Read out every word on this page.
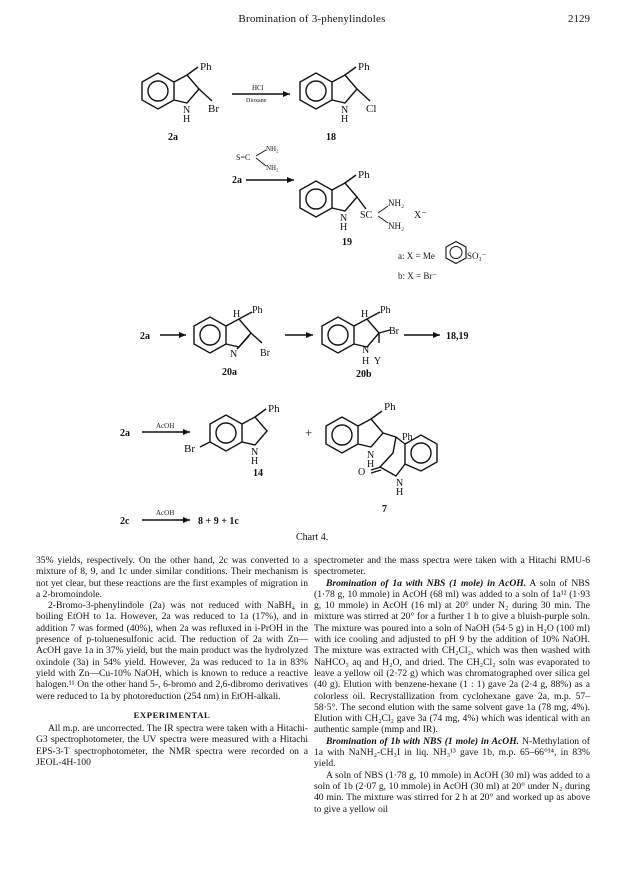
Bromination of 3-phenylindoles	2129
Ph
Br
N
H
2a
HCl
Dioxane
Ph
Cl
N
H
18
2a
S=C
NH₂
NH₂
Ph
N
H
SC
NH₂
NH₂
X⁻
19
a: X = Me	SO₃⁻
b: X = Br⁻
2a
H Ph
Br
N
20a
H Ph
Br
N
H  Y
20b
18,19
2a
AcOH
Ph
Br	N
H
14
+
Ph
Ph
N
H
O
N
H
7
2c
AcOH
8 + 9 + 1c
Chart 4.

35% yields, respectively. On the other hand, 2c was converted to a mixture of 8, 9, and 1c under similar conditions. Their mechanism is not yet clear, but these reactions are the first examples of migration in a 2-bromoindole.

2-Bromo-3-phenylindole (2a) was not reduced with NaBH₄ in boiling EtOH to 1a. However, 2a was reduced to 1a (17%), and in addition 7 was formed (40%), when 2a was refluxed in i-PrOH in the presence of p-toluenesulfonic acid. The reduction of 2a with Zn—AcOH gave 1a in 37% yield, but the main product was the hydrolyzed oxindole (3a) in 54% yield. However, 2a was reduced to 1a in 83% yield with Zn—Cu-10% NaOH, which is known to reduce a reactive halogen.¹¹ On the other hand 5-, 6-bromo and 2,6-dibromo derivatives were reduced to 1a by photoreduction (254 nm) in EtOH-alkali.

EXPERIMENTAL

All m.p. are uncorrected. The IR spectra were taken with a Hitachi-G3 spectrophotometer, the UV spectra were measured with a Hitachi EPS-3-T spectrophotometer, the NMR spectra were recorded on a JEOL-4H-100

spectrometer and the mass spectra were taken with a Hitachi RMU-6 spectrometer.

Bromination of 1a with NBS (1 mole) in AcOH. A soln of NBS (1·78 g, 10 mmole) in AcOH (68 ml) was added to a soln of 1a¹² (1·93 g, 10 mmole) in AcOH (16 ml) at 20° under N₂ during 30 min. The mixture was stirred at 20° for a further 1 h to give a bluish-purple soln. The mixture was poured into a soln of NaOH (54·5 g) in H₂O (100 ml) with ice cooling and adjusted to pH 9 by the addition of 10% NaOH. The mixture was extracted with CH₂Cl₂, which was then washed with NaHCO₃ aq and H₂O, and dried. The CH₂Cl₂ soln was evaporated to leave a yellow oil (2·72 g) which was chromatographed over silica gel (40 g). Elution with benzene-hexane (1 : 1) gave 2a (2·4 g, 88%) as a colorless oil. Recrystallization from cyclohexane gave 2a, m.p. 57–58·5°. The second elution with the same solvent gave 1a (78 mg, 4%). Elution with CH₂Cl₂ gave 3a (74 mg, 4%) which was identical with an authentic sample (mmp and IR).

Bromination of 1b with NBS (1 mole) in AcOH. N-Methylation of 1a with NaNH₂-CH₃I in liq. NH₃¹³ gave 1b, m.p. 65–66°¹⁴, in 83% yield.

A soln of NBS (1·78 g, 10 mmole) in AcOH (30 ml) was added to a soln of 1b (2·07 g, 10 mmole) in AcOH (30 ml) at 20° under N₂ during 40 min. The mixture was stirred for 2 h at 20° and worked up as above to give a yellow oil
